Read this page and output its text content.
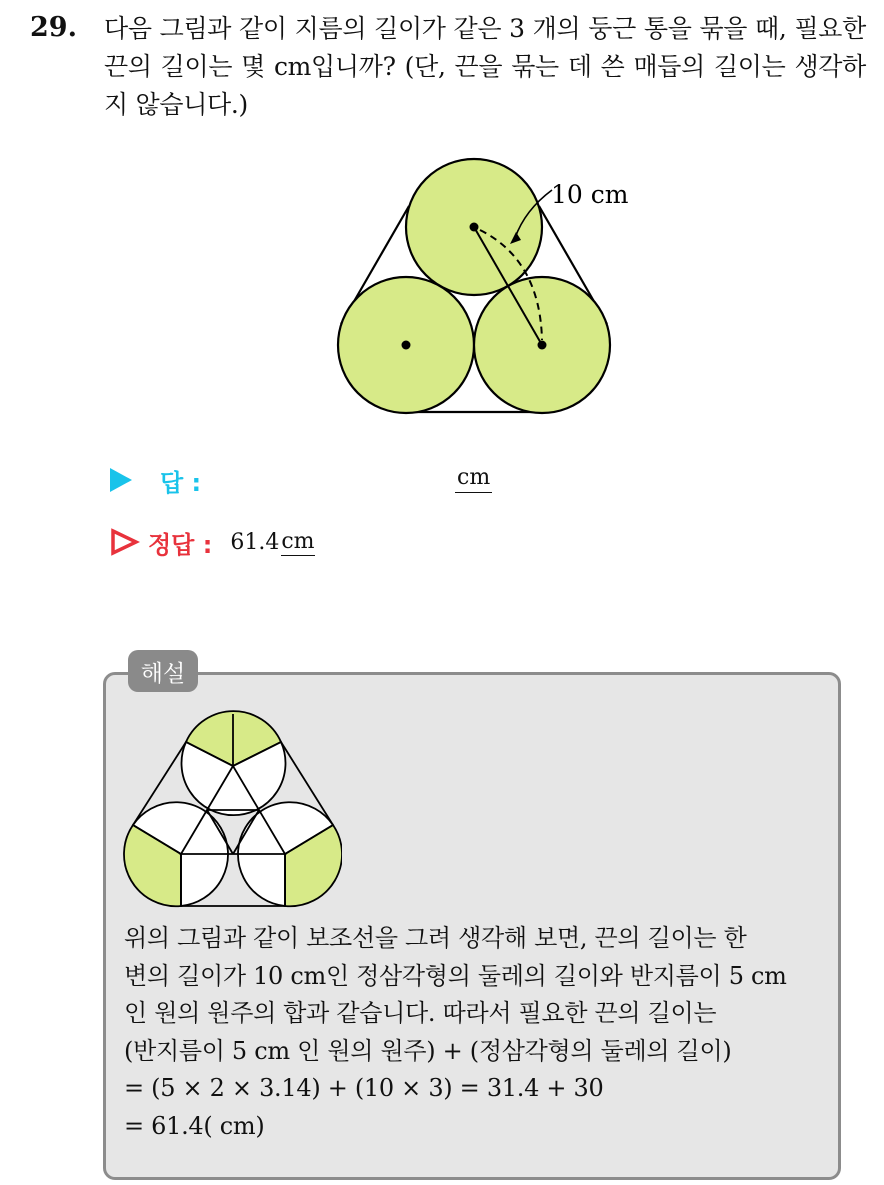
29. 다음 그림과 같이 지름의 길이가 같은 3 개의 둥근 통을 묶을 때, 필요한 끈의 길이는 몇 cm입니까? (단, 끈을 묶는 데 쓴 매듭의 길이는 생각하지 않습니다.)
10 cm
답 :	cm
정답 : 61.4 cm
해설
위의 그림과 같이 보조선을 그려 생각해 보면, 끈의 길이는 한
변의 길이가 10 cm인 정삼각형의 둘레의 길이와 반지름이 5 cm
인 원의 원주의 합과 같습니다. 따라서 필요한 끈의 길이는
(반지름이 5 cm 인 원의 원주) + (정삼각형의 둘레의 길이)
= (5 × 2 × 3.14) + (10 × 3) = 31.4 + 30
= 61.4( cm)
